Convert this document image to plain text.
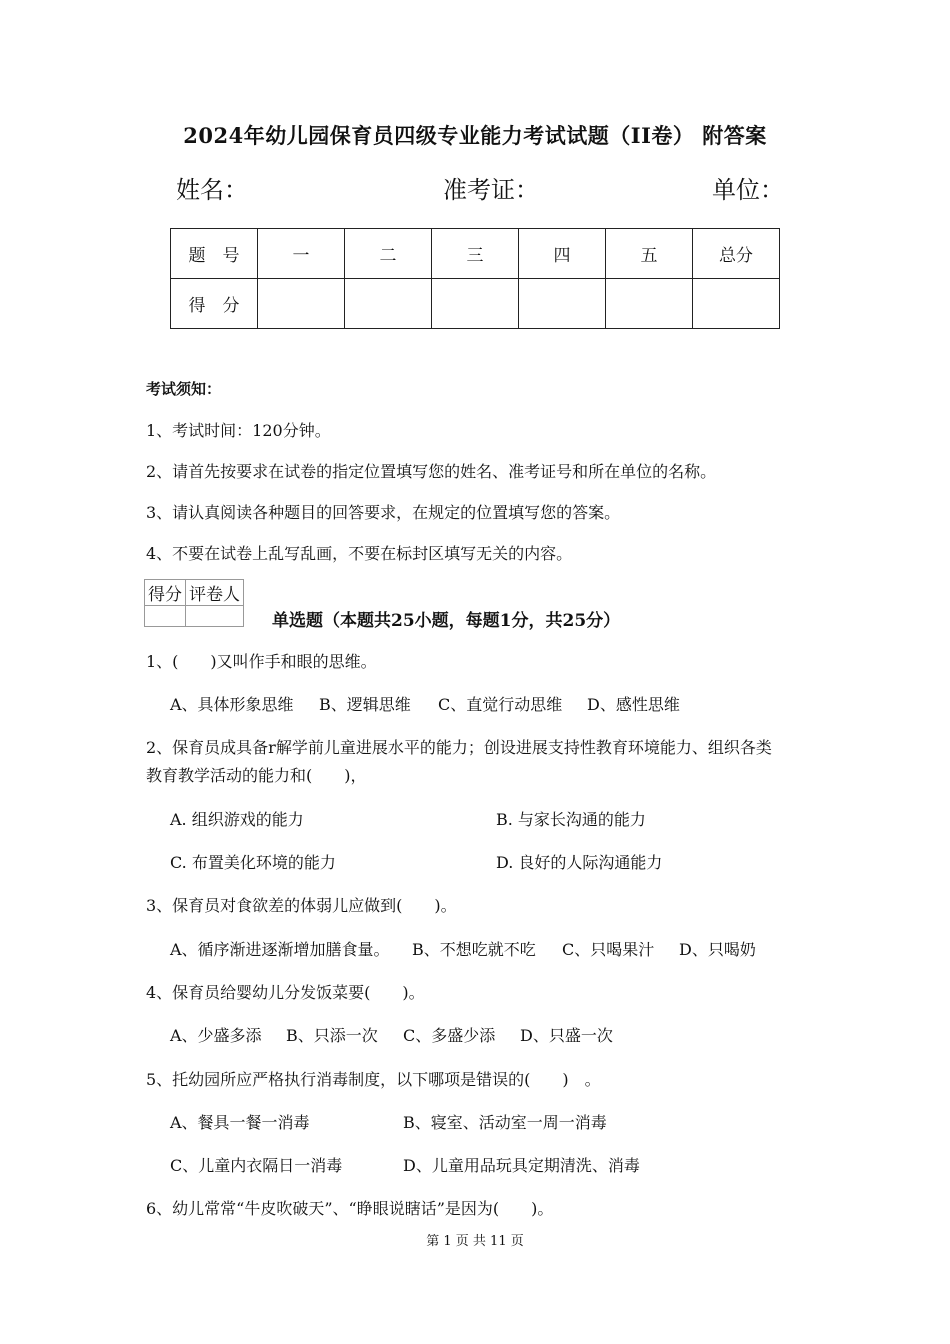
2024年幼儿园保育员四级专业能力考试试题（II卷） 附答案
姓名：	准考证：	单位：
题　号	一	二	三	四	五	总分
得　分						
考试须知：
1、考试时间：120分钟。
2、请首先按要求在试卷的指定位置填写您的姓名、准考证号和所在单位的名称。
3、请认真阅读各种题目的回答要求，在规定的位置填写您的答案。
4、不要在试卷上乱写乱画，不要在标封区填写无关的内容。
得分	评卷人

单选题（本题共25小题，每题1分，共25分）
1、(　　)又叫作手和眼的思维。
A、具体形象思维 B、逻辑思维 C、直觉行动思维 D、感性思维
2、保育员成具备r解学前儿童进展水平的能力；创设进展支持性教育环境能力、组织各类
教育教学活动的能力和(　　)，
A. 组织游戏的能力	B. 与家长沟通的能力
C. 布置美化环境的能力	D. 良好的人际沟通能力
3、保育员对食欲差的体弱儿应做到(　　)。
A、循序渐进逐渐增加膳食量。 B、不想吃就不吃 C、只喝果汁 D、只喝奶
4、保育员给婴幼儿分发饭菜要(　　)。
A、少盛多添 B、只添一次 C、多盛少添 D、只盛一次
5、托幼园所应严格执行消毒制度，以下哪项是错误的(　　)　。
A、餐具一餐一消毒	B、寝室、活动室一周一消毒
C、儿童内衣隔日一消毒	D、儿童用品玩具定期清洗、消毒
6、幼儿常常“牛皮吹破天”、“睁眼说瞎话”是因为(　　)。
第 1 页 共 11 页
